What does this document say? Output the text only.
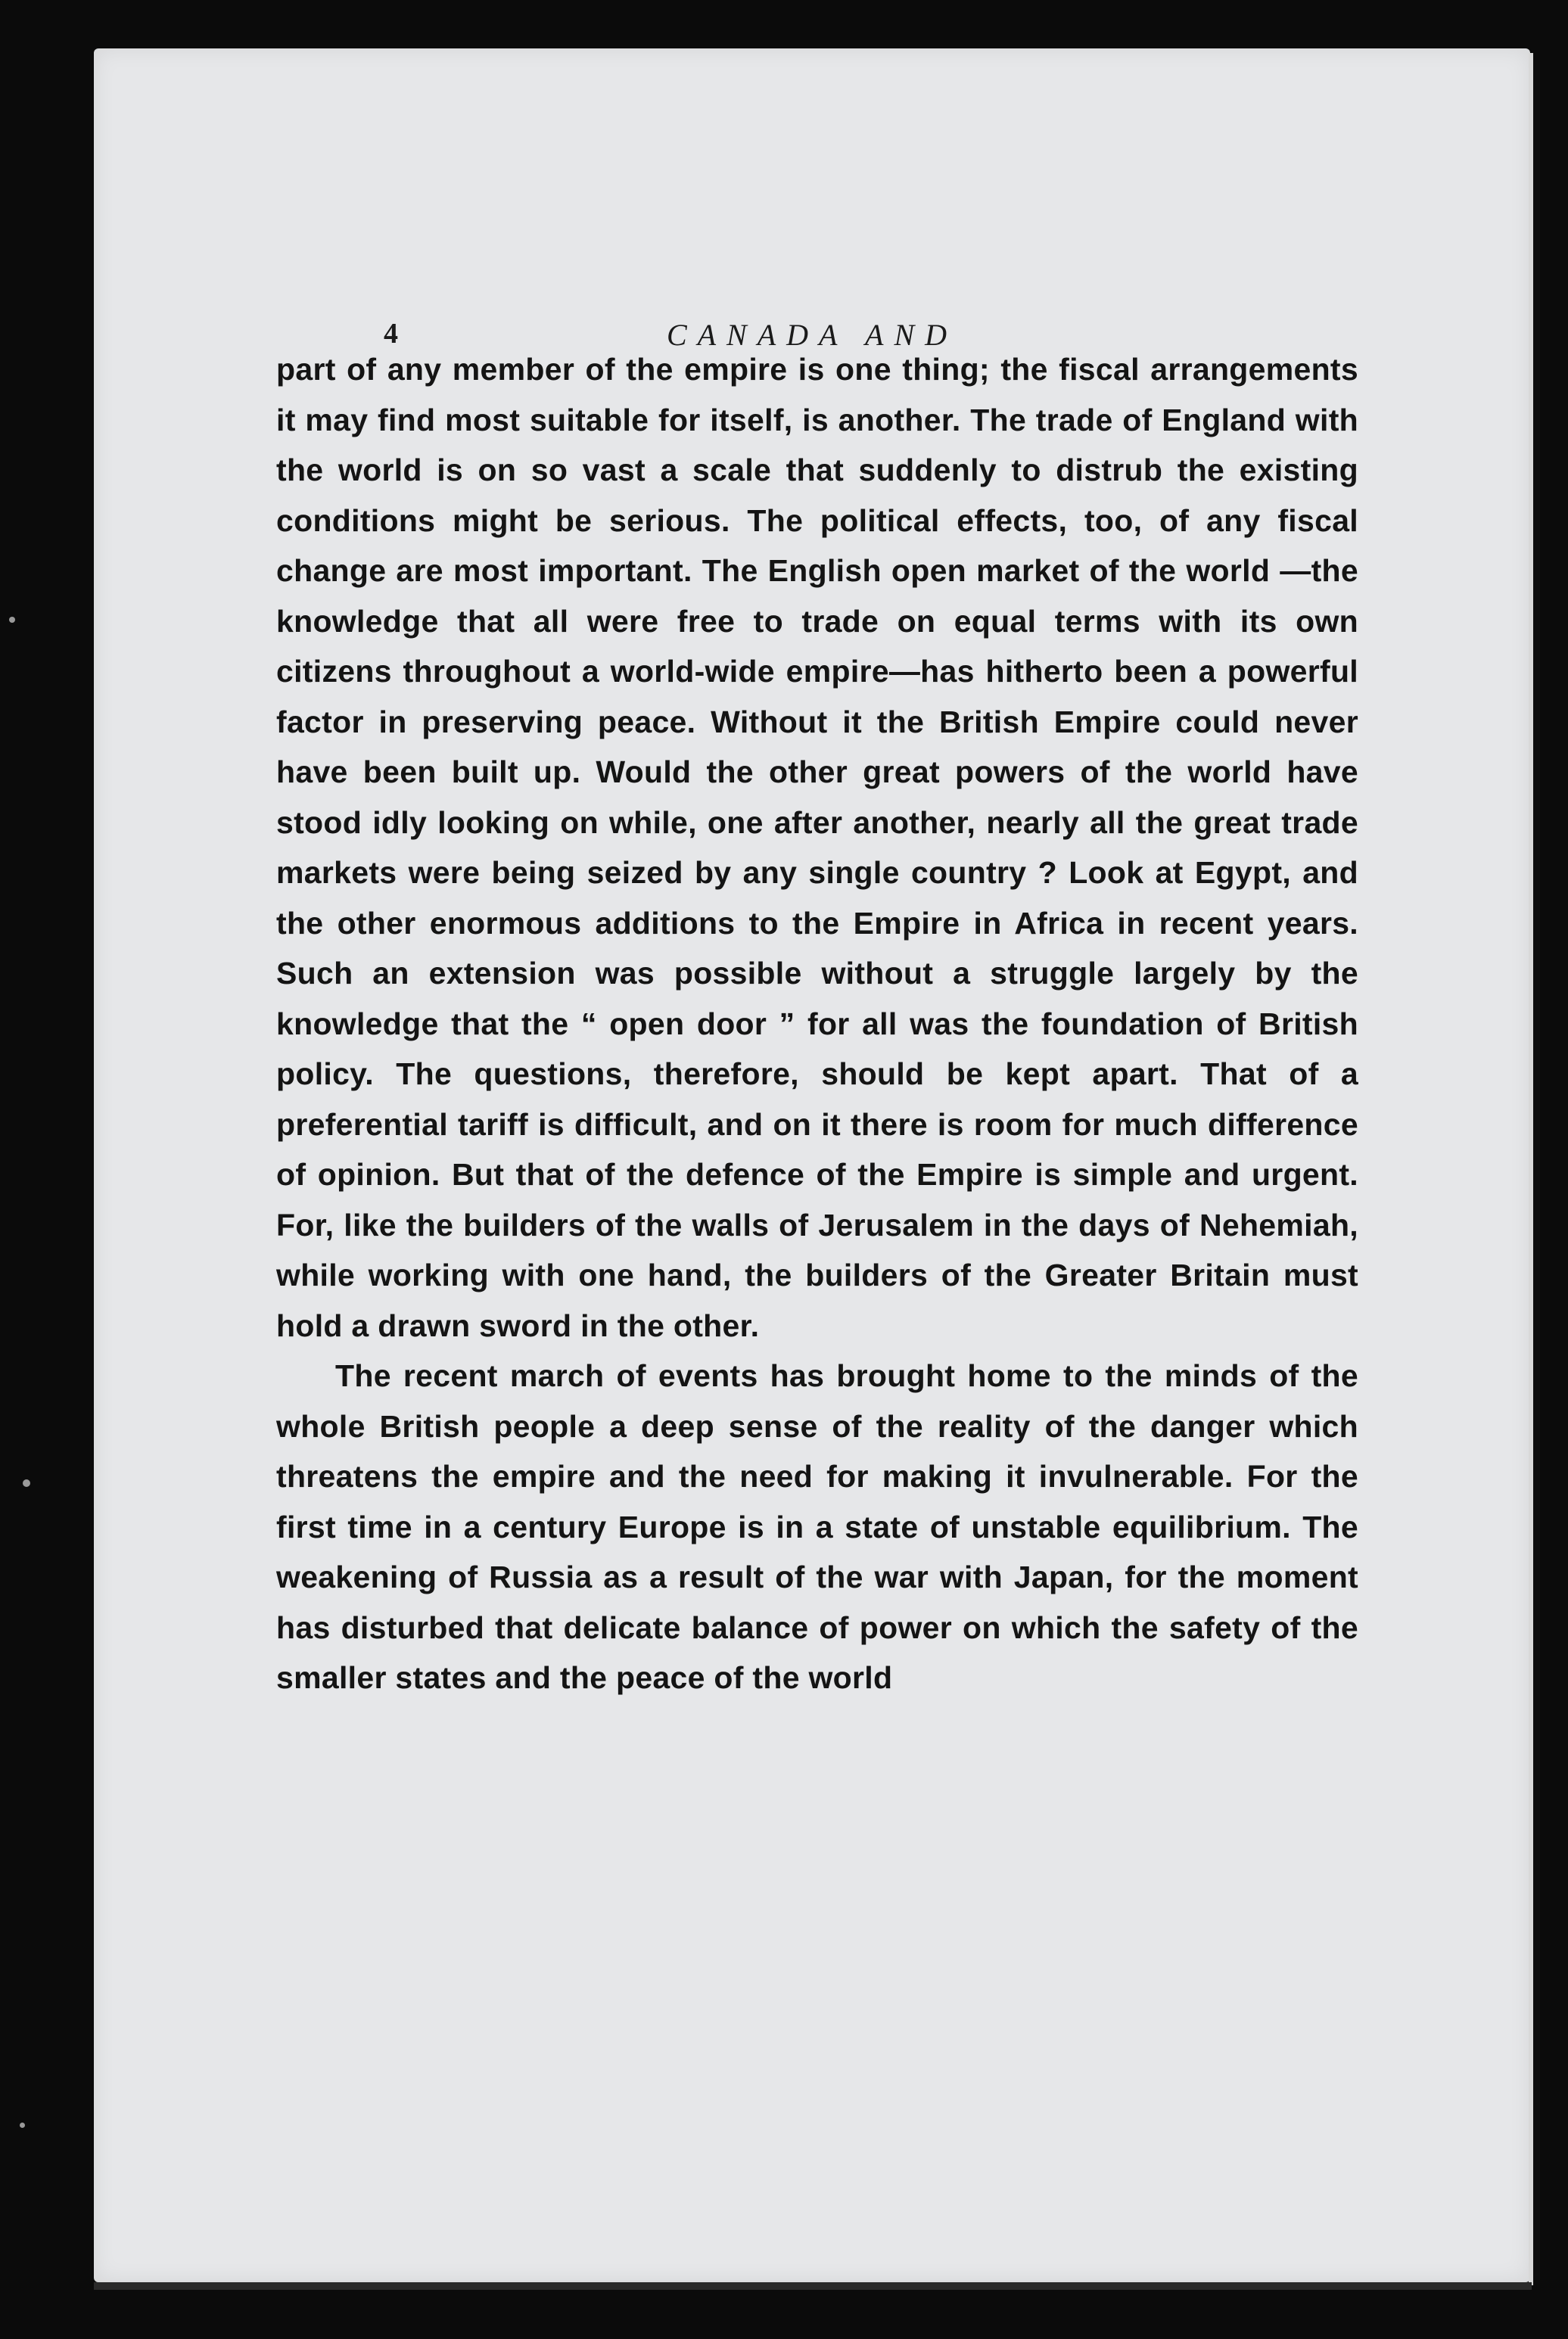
4	CANADA AND

part of any member of the empire is one thing; the fiscal arrangements it may find most suitable for itself, is another. The trade of England with the world is on so vast a scale that suddenly to distrub the existing conditions might be serious. The political effects, too, of any fiscal change are most important. The English open market of the world —the knowledge that all were free to trade on equal terms with its own citizens throughout a world-wide empire—has hitherto been a powerful factor in preserving peace. Without it the British Empire could never have been built up. Would the other great powers of the world have stood idly looking on while, one after another, nearly all the great trade markets were being seized by any single country ? Look at Egypt, and the other enormous additions to the Empire in Africa in recent years. Such an extension was possible without a struggle largely by the knowledge that the “ open door ” for all was the foundation of British policy. The questions, therefore, should be kept apart. That of a preferential tariff is difficult, and on it there is room for much difference of opinion. But that of the defence of the Empire is simple and urgent. For, like the builders of the walls of Jerusalem in the days of Nehemiah, while working with one hand, the builders of the Greater Britain must hold a drawn sword in the other.

The recent march of events has brought home to the minds of the whole British people a deep sense of the reality of the danger which threatens the empire and the need for making it invulnerable. For the first time in a century Europe is in a state of unstable equilibrium. The weakening of Russia as a result of the war with Japan, for the moment has disturbed that delicate balance of power on which the safety of the smaller states and the peace of the world
